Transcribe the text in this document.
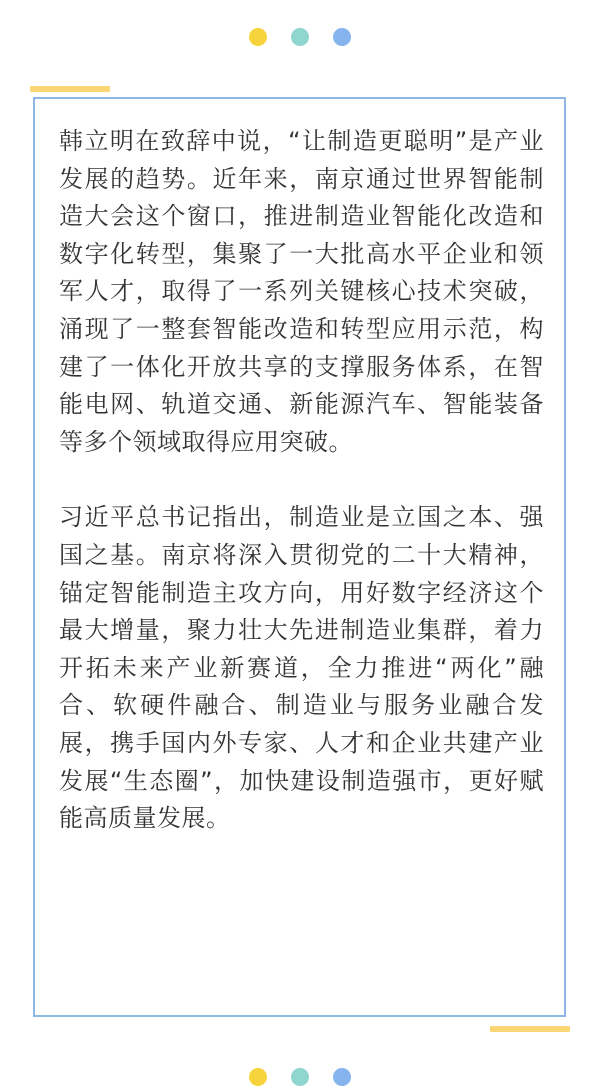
韩立明在致辞中说，“让制造更聪明”是产业发展的趋势。近年来，南京通过世界智能制造大会这个窗口，推进制造业智能化改造和数字化转型，集聚了一大批高水平企业和领军人才，取得了一系列关键核心技术突破，涌现了一整套智能改造和转型应用示范，构建了一体化开放共享的支撑服务体系，在智能电网、轨道交通、新能源汽车、智能装备等多个领域取得应用突破。

习近平总书记指出，制造业是立国之本、强国之基。南京将深入贯彻党的二十大精神，锚定智能制造主攻方向，用好数字经济这个最大增量，聚力壮大先进制造业集群，着力开拓未来产业新赛道，全力推进“两化”融合、软硬件融合、制造业与服务业融合发展，携手国内外专家、人才和企业共建产业发展“生态圈”，加快建设制造强市，更好赋能高质量发展。
